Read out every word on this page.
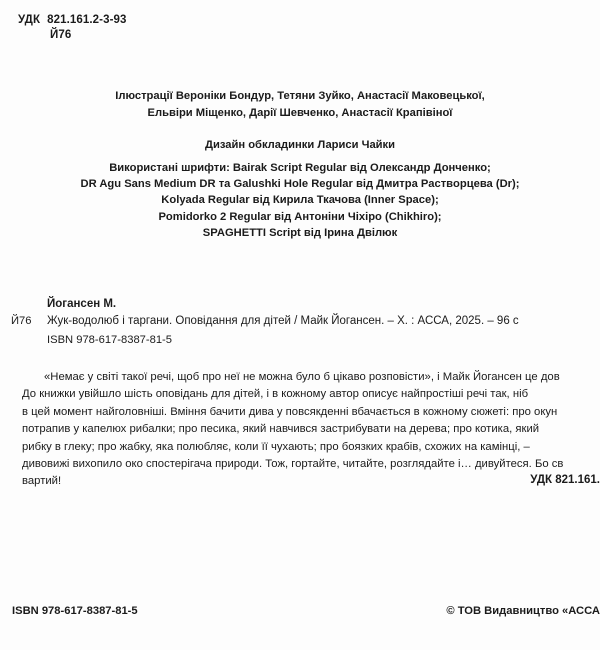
УДК 821.161.2-3-93
Й76
Ілюстрації Вероніки Бондур, Тетяни Зуйко, Анастасії Маковецької,
Ельвіри Міщенко, Дарії Шевченко, Анастасії Крапівіної
Дизайн обкладинки Лариси Чайки
Використані шрифти: Bairak Script Regular від Олександр Донченко;
DR Agu Sans Medium DR та Galushki Hole Regular від Дмитра Раствopцева (Dr);
Kolyada Regular від Кирила Ткачова (Inner Space);
Pomidorko 2 Regular від Антоніни Чіхіро (Chikhiro);
SPAGHETTI Script від Ірина Двілюк
Йогансен М.
Й76 Жук-водолюб і таргани. Оповідання для дітей / Майк Йогансен. – Х. : АССА, 2025. – 96 с
ISBN 978-617-8387-81-5
«Немає у світі такої речі, щоб про неї не можна було б цікаво розповісти», і Майк Йогансен це дов
До книжки увійшло шість оповідань для дітей, і в кожному автор описує найпростіші речі так, ніб
в цей момент найголовніші. Вміння бачити дива у повсякденні вбачається в кожному сюжеті: про окун
потрапив у капелюх рибалки; про песика, який навчився застрибувати на дерева; про котика, який
рибку в глеку; про жабку, яка полюбляє, коли її чухають; про боязких крабів, схожих на камінці, –
дивовижі вихопило око спостерігача природи. Тож, гортайте, читайте, розглядайте і… дивуйтеся. Бо св
вартий!	УДК 821.161.
ISBN 978-617-8387-81-5	© ТОВ Видавництво «АССА
